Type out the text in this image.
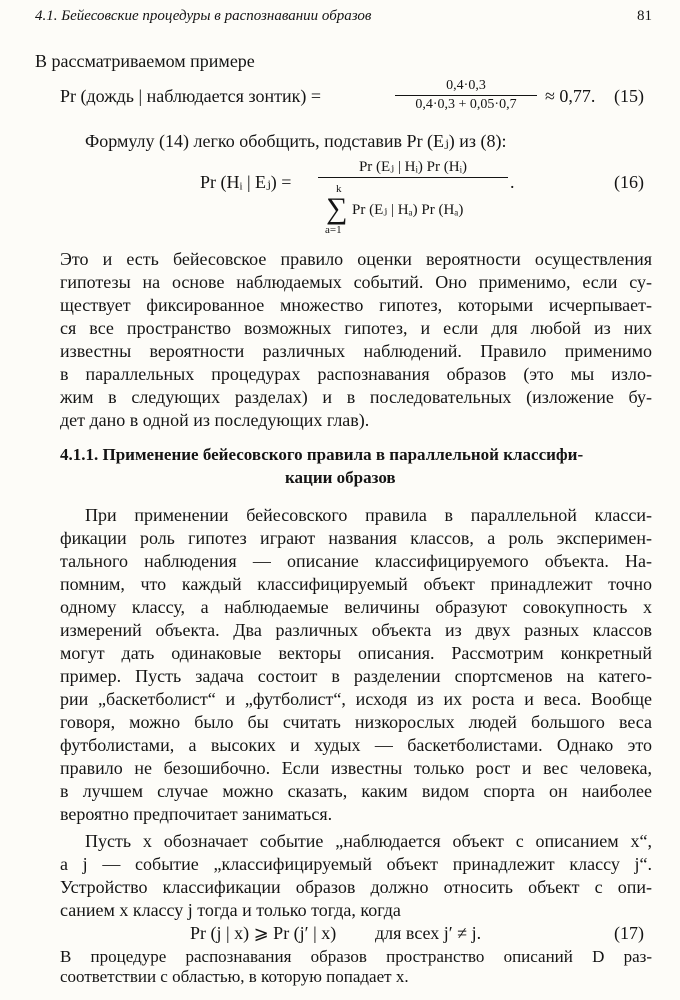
4.1. Бейесовские процедуры в распознавании образов	81
В рассматриваемом примере
Pr (дождь | наблюдается зонтик) =	$\frac{0,4\cdot 0,3}{0,4\cdot 0,3 + 0,05\cdot 0,7} \approx 0,77$. (15)
Формулу (14) легко обобщить, подставив Pr (Eⱼ) из (8):
Pr (Hᵢ | Eⱼ) =
Pr (Eⱼ | Hᵢ) Pr (Hᵢ)
k
∑
a=1
Pr (Eⱼ | Hₐ) Pr (Hₐ)
.	(16)
Это и есть бейесовское правило оценки вероятности осуществления
гипотезы на основе наблюдаемых событий. Оно применимо, если су-
ществует фиксированное множество гипотез, которыми исчерпывает-
ся все пространство возможных гипотез, и если для любой из них
известны вероятности различных наблюдений. Правило применимо
в параллельных процедурах распознавания образов (это мы изло-
жим в следующих разделах) и в последовательных (изложение бу-
дет дано в одной из последующих глав).
4.1.1. Применение бейесовского правила в параллельной классифи-
кации образов
При применении бейесовского правила в параллельной класси-
фикации роль гипотез играют названия классов, а роль эксперимен-
тального наблюдения — описание классифицируемого объекта. На-
помним, что каждый классифицируемый объект принадлежит точно
одному классу, а наблюдаемые величины образуют совокупность x
измерений объекта. Два различных объекта из двух разных классов
могут дать одинаковые векторы описания. Рассмотрим конкретный
пример. Пусть задача состоит в разделении спортсменов на катего-
рии „баскетболист“ и „футболист“, исходя из их роста и веса. Вообще
говоря, можно было бы считать низкорослых людей большого веса
футболистами, а высоких и худых — баскетболистами. Однако это
правило не безошибочно. Если известны только рост и вес человека,
в лучшем случае можно сказать, каким видом спорта он наиболее
вероятно предпочитает заниматься.
Пусть x обозначает событие „наблюдается объект с описанием x“,
а j — событие „классифицируемый объект принадлежит классу j“.
Устройство классификации образов должно относить объект с опи-
санием x классу j тогда и только тогда, когда
Pr (j | x) ⩾ Pr (j′ | x) для всех j′ ≠ j.	(17)
В процедуре распознавания образов пространство описаний D раз-
соответствии с областью, в которую попадает x.
